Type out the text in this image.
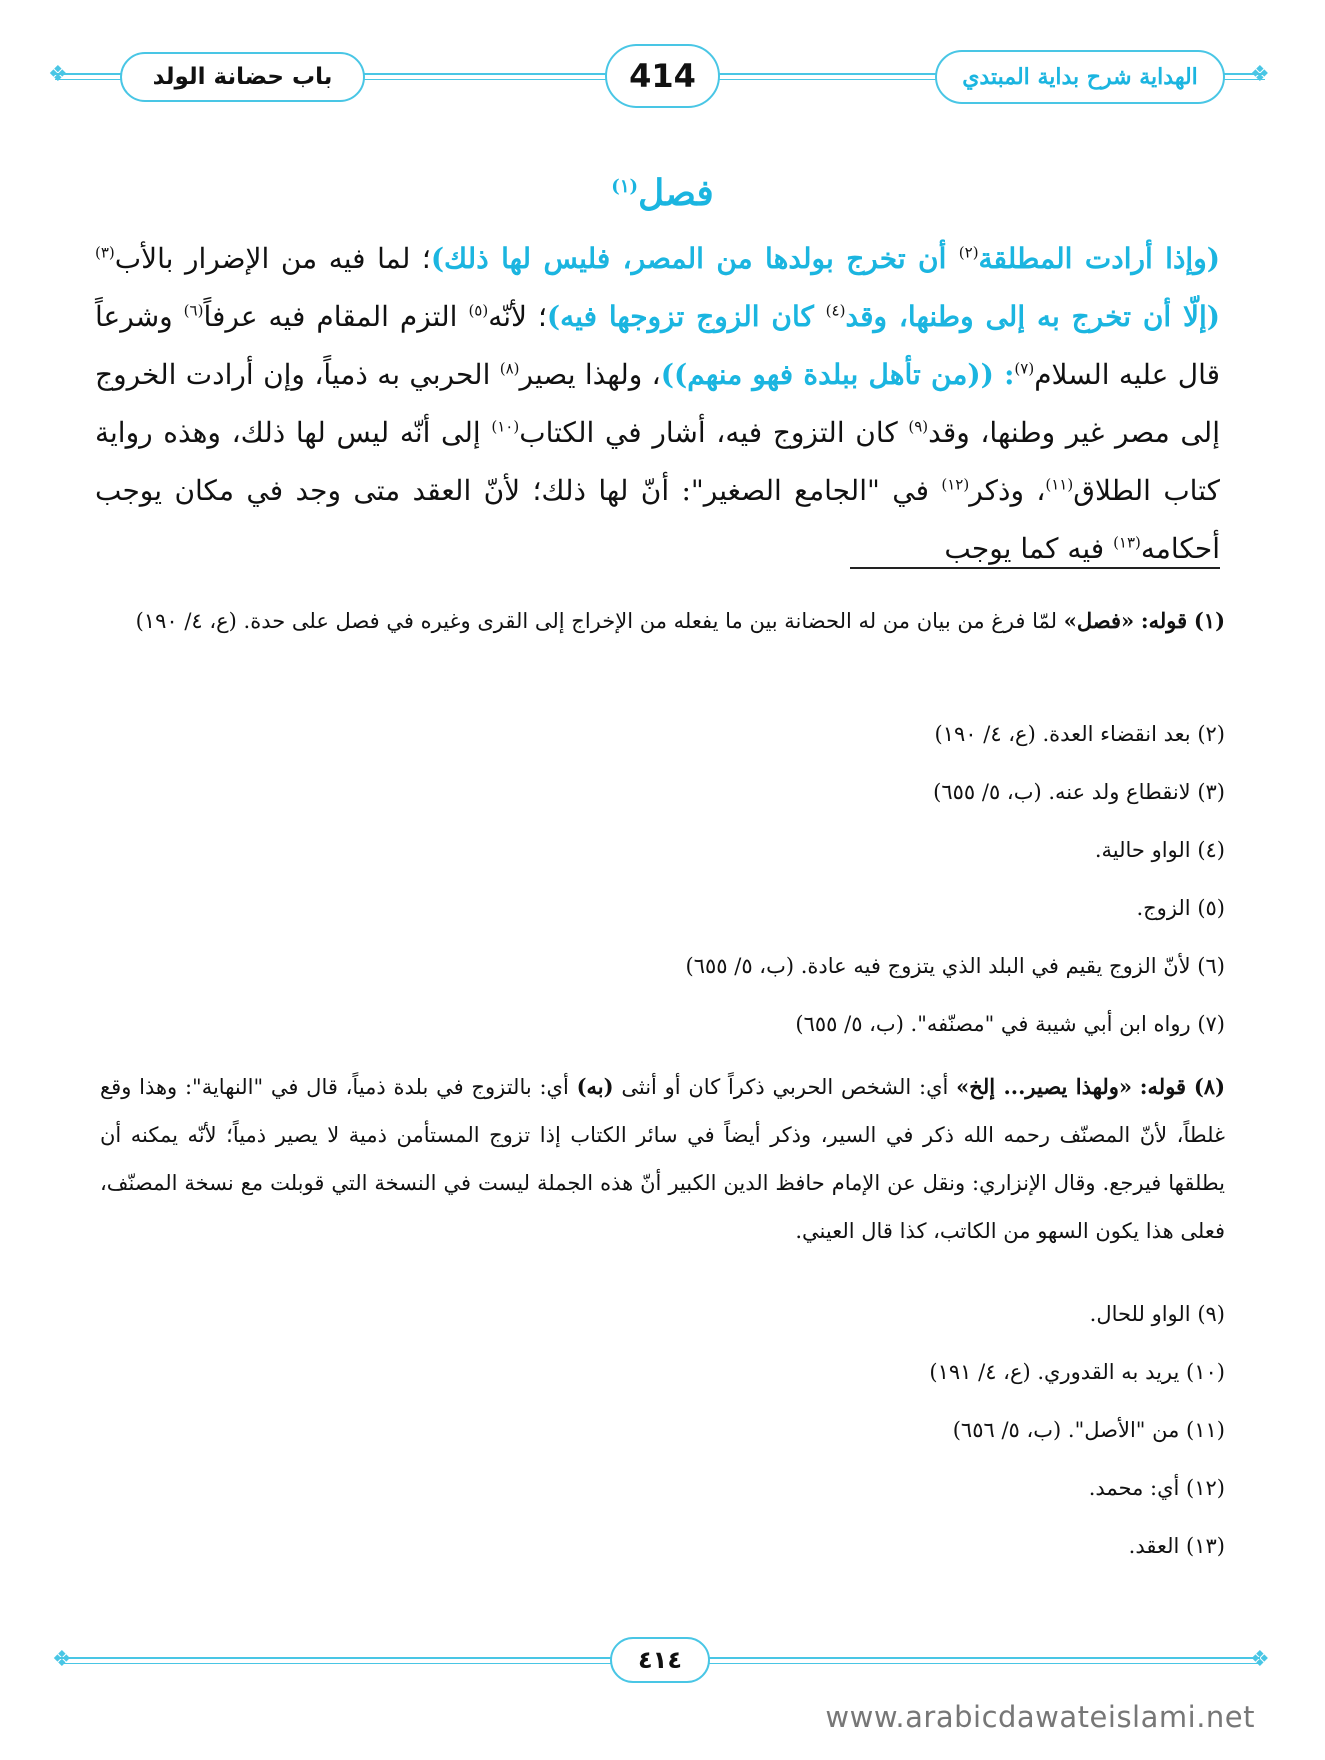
❖	❖
باب حضانة الولد	414	الهداية شرح بداية المبتدي
فصل$^{(١)}$
(وإذا أرادت المطلقة$^{(٢)}$ أن تخرج بولدها من المصر، فليس لها ذلك)؛ لما فيه من الإضرار بالأب$^{(٣)}$ (إلّا أن تخرج به إلى وطنها، وقد$^{(٤)}$ كان الزوج تزوجها فيه)؛ لأنّه$^{(٥)}$ التزم المقام فيه عرفاً$^{(٦)}$ وشرعاً قال عليه السلام$^{(٧)}$: ((من تأهل ببلدة فهو منهم))، ولهذا يصير$^{(٨)}$ الحربي به ذمياً، وإن أرادت الخروج إلى مصر غير وطنها، وقد$^{(٩)}$ كان التزوج فيه، أشار في الكتاب$^{(١٠)}$ إلى أنّه ليس لها ذلك، وهذه رواية كتاب الطلاق$^{(١١)}$، وذكر$^{(١٢)}$ في "الجامع الصغير": أنّ لها ذلك؛ لأنّ العقد متى وجد في مكان يوجب أحكامه$^{(١٣)}$ فيه كما يوجب
(١) قوله: «فصل» لمّا فرغ من بيان من له الحضانة بين ما يفعله من الإخراج إلى القرى وغيره في فصل على حدة. (ع، ٤/ ١٩٠)
(٢) بعد انقضاء العدة. (ع، ٤/ ١٩٠)
(٣) لانقطاع ولد عنه. (ب، ٥/ ٦٥٥)
(٤) الواو حالية.
(٥) الزوج.
(٦) لأنّ الزوج يقيم في البلد الذي يتزوج فيه عادة. (ب، ٥/ ٦٥٥)
(٧) رواه ابن أبي شيبة في "مصنّفه". (ب، ٥/ ٦٥٥)
(٨) قوله: «ولهذا يصير... إلخ» أي: الشخص الحربي ذكراً كان أو أنثى (به) أي: بالتزوج في بلدة ذمياً، قال في "النهاية": وهذا وقع غلطاً، لأنّ المصنّف رحمه الله ذكر في السير، وذكر أيضاً في سائر الكتاب إذا تزوج المستأمن ذمية لا يصير ذمياً؛ لأنّه يمكنه أن يطلقها فيرجع. وقال الإنزاري: ونقل عن الإمام حافظ الدين الكبير أنّ هذه الجملة ليست في النسخة التي قوبلت مع نسخة المصنّف، فعلى هذا يكون السهو من الكاتب، كذا قال العيني.
(٩) الواو للحال.
(١٠) يريد به القدوري. (ع، ٤/ ١٩١)
(١١) من "الأصل". (ب، ٥/ ٦٥٦)
(١٢) أي: محمد.
(١٣) العقد.
❖	❖
٤١٤
www.arabicdawateislami.net
